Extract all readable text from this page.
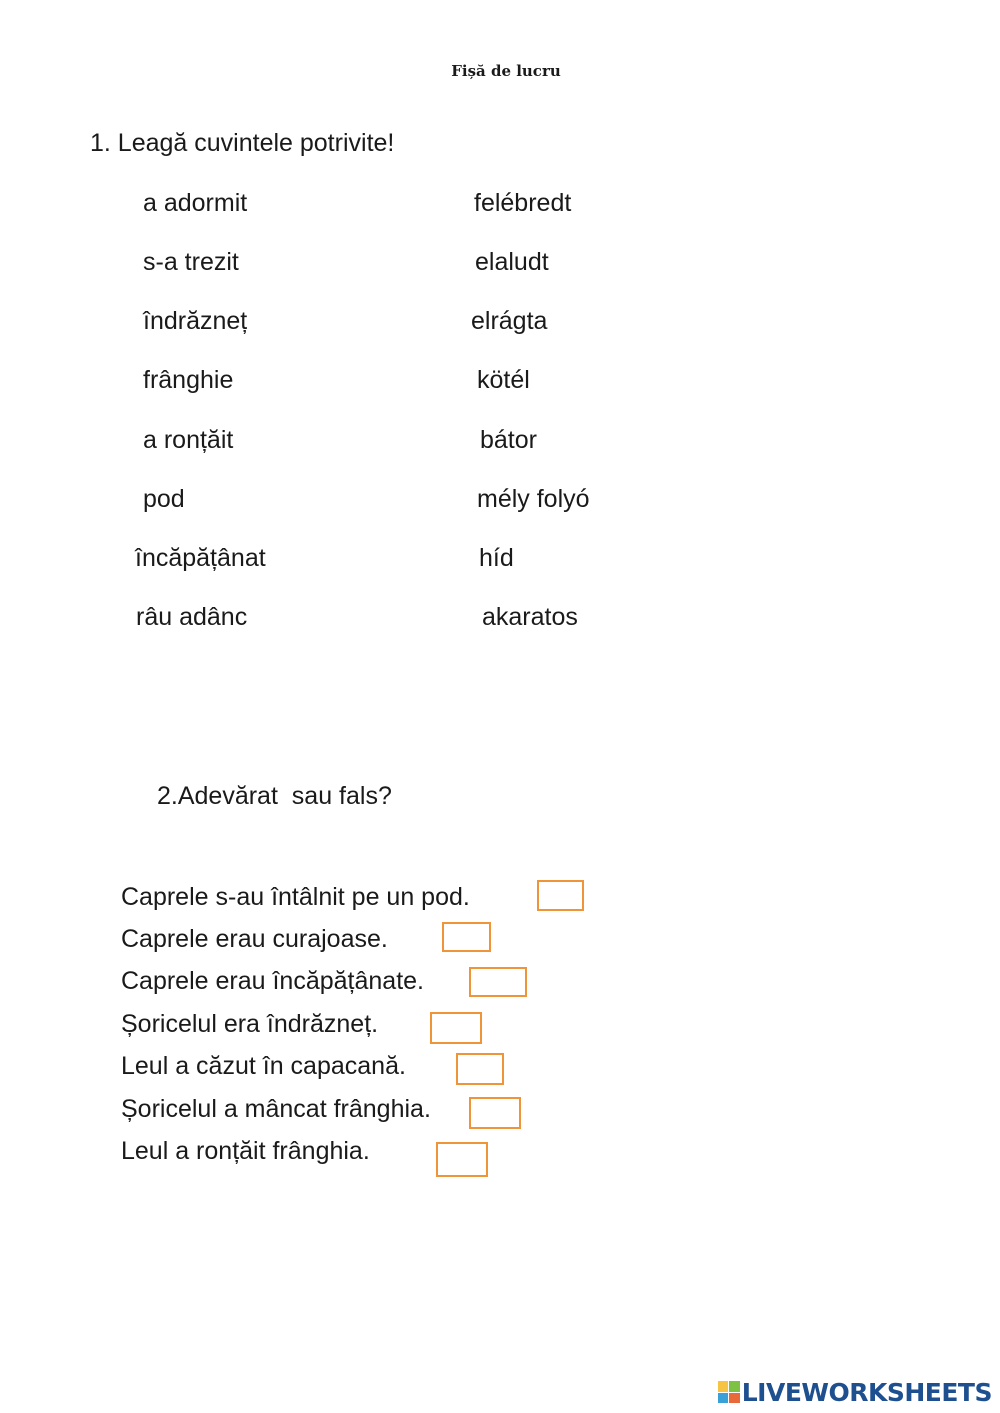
Fișă de lucru
1. Leagă cuvintele potrivite!
a adormit
s-a trezit
îndrăzneț
frânghie
a ronțăit
pod
încăpățânat
râu adânc
felébredt
elaludt
elrágta
kötél
bátor
mély folyó
híd
akaratos
2.Adevărat  sau fals?
Caprele s-au întâlnit pe un pod.
Caprele erau curajoase.
Caprele erau încăpățânate.
Șoricelul era îndrăzneț.
Leul a căzut în capacană.
Șoricelul a mâncat frânghia.
Leul a ronțăit frânghia.
LIVEWORKSHEETS
